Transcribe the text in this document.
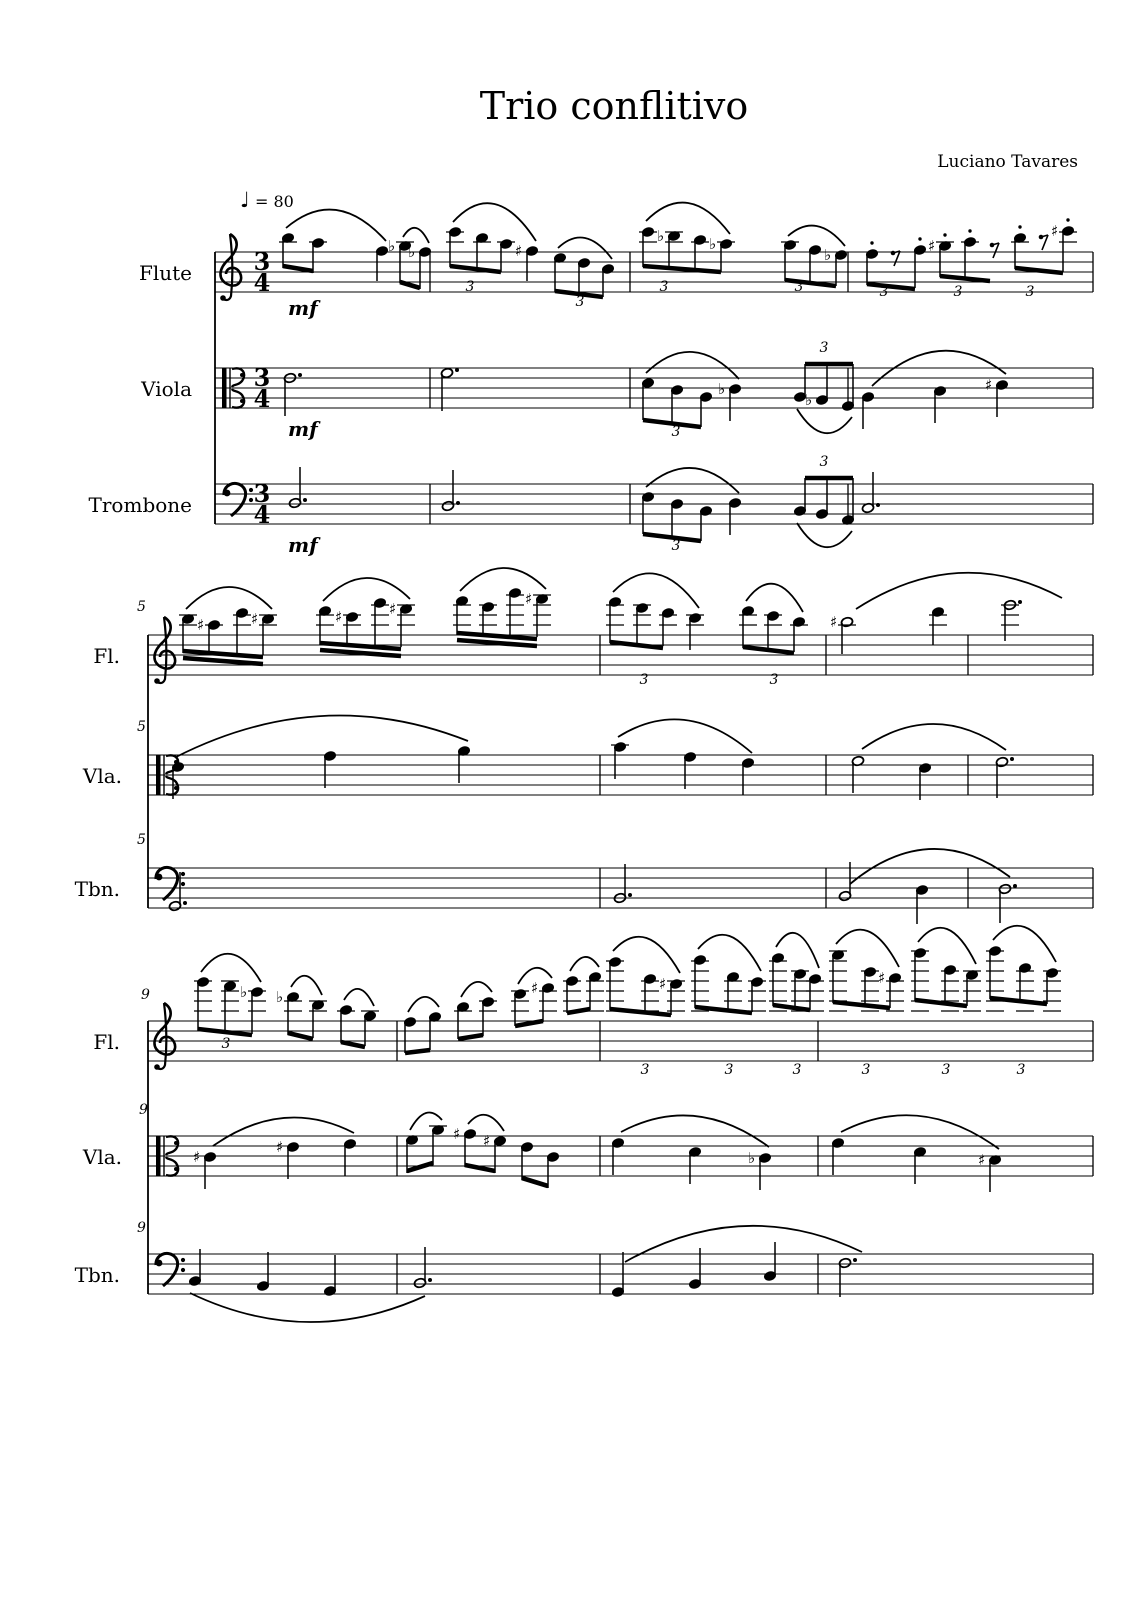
Trio conflitivo
Luciano Tavares
♩ = 80
Flute
mf
3
4
♭ ♭	♯
♭	♭
♭	♯
♯
3
3
3	3	3	3	3
Viola
mf
3
4	♭
♭
♯
3
3
Trombone
mf
3
4
3
3
Fl.
5
♯	♯	♯	♯
♯
♯
3	3
Vla.
5
Tbn.
5
Fl.
9	♭ ♭	♯	♯	♯
3
3	3	3	3	3	3
Vla.
9
♯
♯
♯ ♯
♭	♯
Tbn.
9
